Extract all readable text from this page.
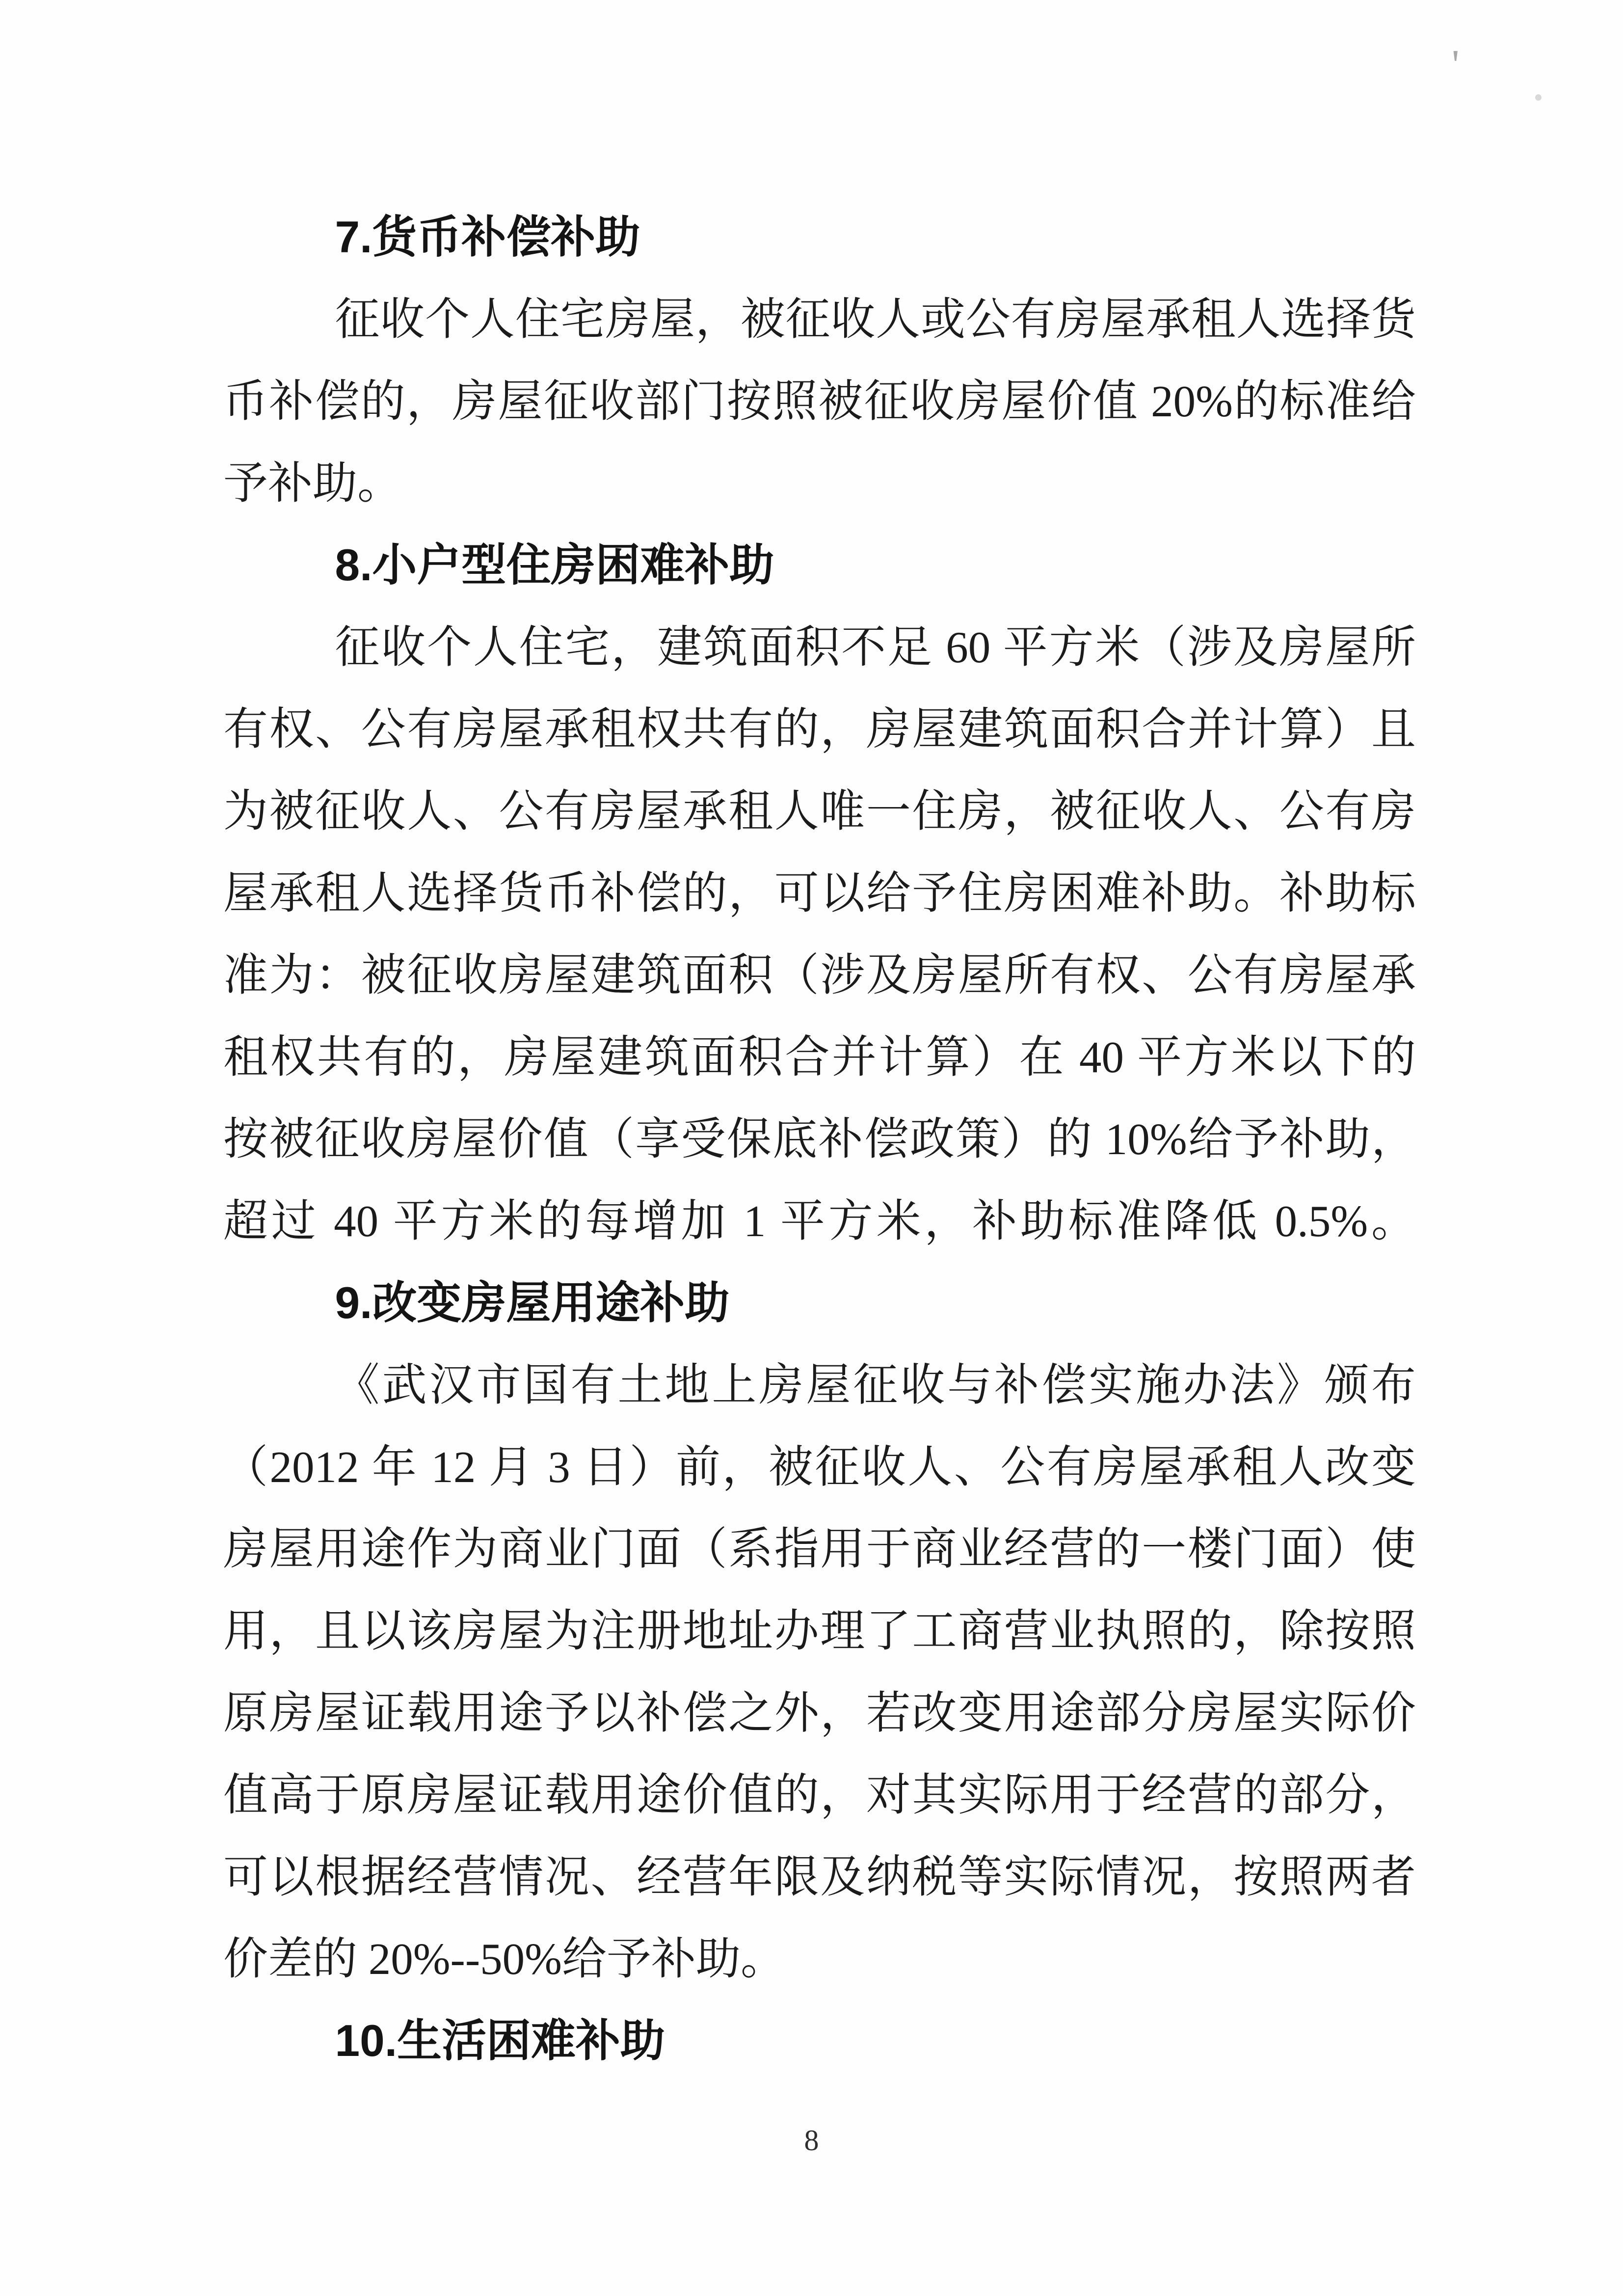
'
7.货币补偿补助
征收个人住宅房屋，被征收人或公有房屋承租人选择货
币补偿的，房屋征收部门按照被征收房屋价值 20%的标准给
予补助。
8.小户型住房困难补助
征收个人住宅，建筑面积不足 60 平方米（涉及房屋所
有权、公有房屋承租权共有的，房屋建筑面积合并计算）且
为被征收人、公有房屋承租人唯一住房，被征收人、公有房
屋承租人选择货币补偿的，可以给予住房困难补助。补助标
准为：被征收房屋建筑面积（涉及房屋所有权、公有房屋承
租权共有的，房屋建筑面积合并计算）在 40 平方米以下的
按被征收房屋价值（享受保底补偿政策）的 10%给予补助，
超过 40 平方米的每增加 1 平方米，补助标准降低 0.5%。
9.改变房屋用途补助
《武汉市国有土地上房屋征收与补偿实施办法》颁布
（2012 年 12 月 3 日）前，被征收人、公有房屋承租人改变
房屋用途作为商业门面（系指用于商业经营的一楼门面）使
用，且以该房屋为注册地址办理了工商营业执照的，除按照
原房屋证载用途予以补偿之外，若改变用途部分房屋实际价
值高于原房屋证载用途价值的，对其实际用于经营的部分，
可以根据经营情况、经营年限及纳税等实际情况，按照两者
价差的 20%--50%给予补助。
10.生活困难补助
8
